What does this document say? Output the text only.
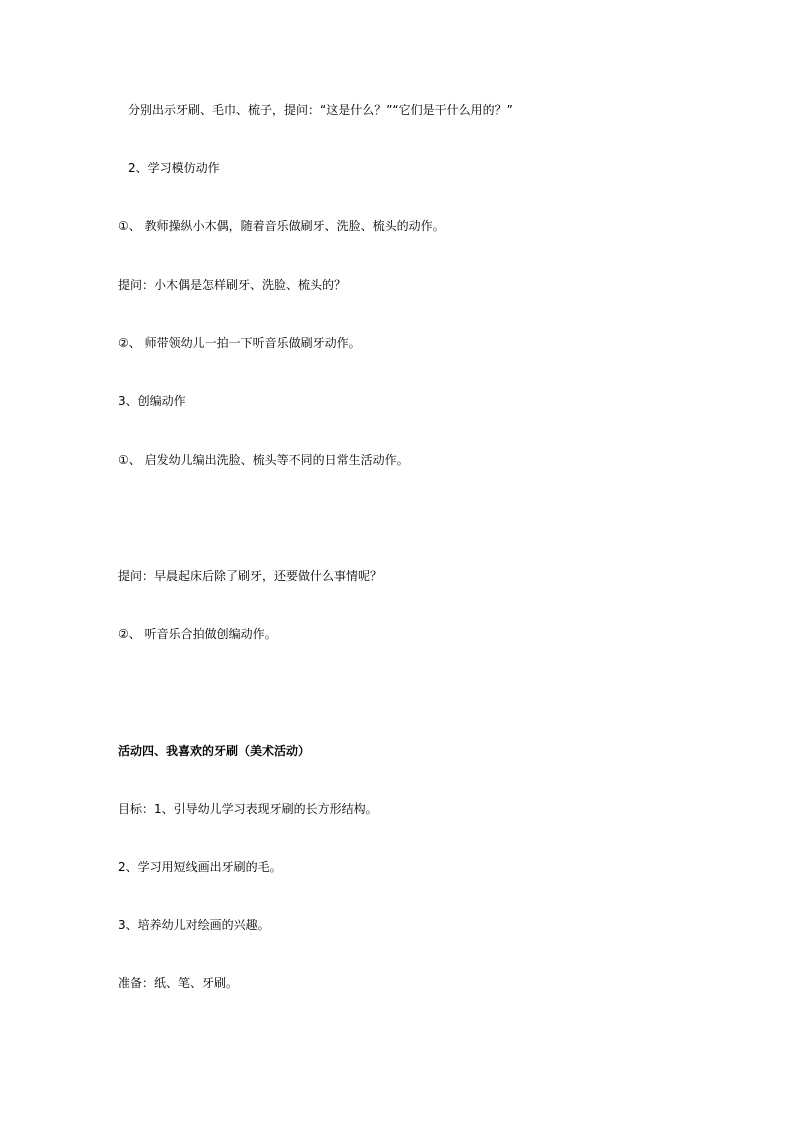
分别出示牙刷、毛巾、梳子，提问：“这是什么？”“它们是干什么用的？”
2、学习模仿动作
①、 教师操纵小木偶，随着音乐做刷牙、洗脸、梳头的动作。
提问：小木偶是怎样刷牙、洗脸、梳头的？
②、 师带领幼儿一拍一下听音乐做刷牙动作。
3、创编动作
①、 启发幼儿编出洗脸、梳头等不同的日常生活动作。
提问：早晨起床后除了刷牙，还要做什么事情呢？
②、 听音乐合拍做创编动作。
活动四、我喜欢的牙刷（美术活动）
目标：1、引导幼儿学习表现牙刷的长方形结构。
2、学习用短线画出牙刷的毛。
3、培养幼儿对绘画的兴趣。
准备：纸、笔、牙刷。
